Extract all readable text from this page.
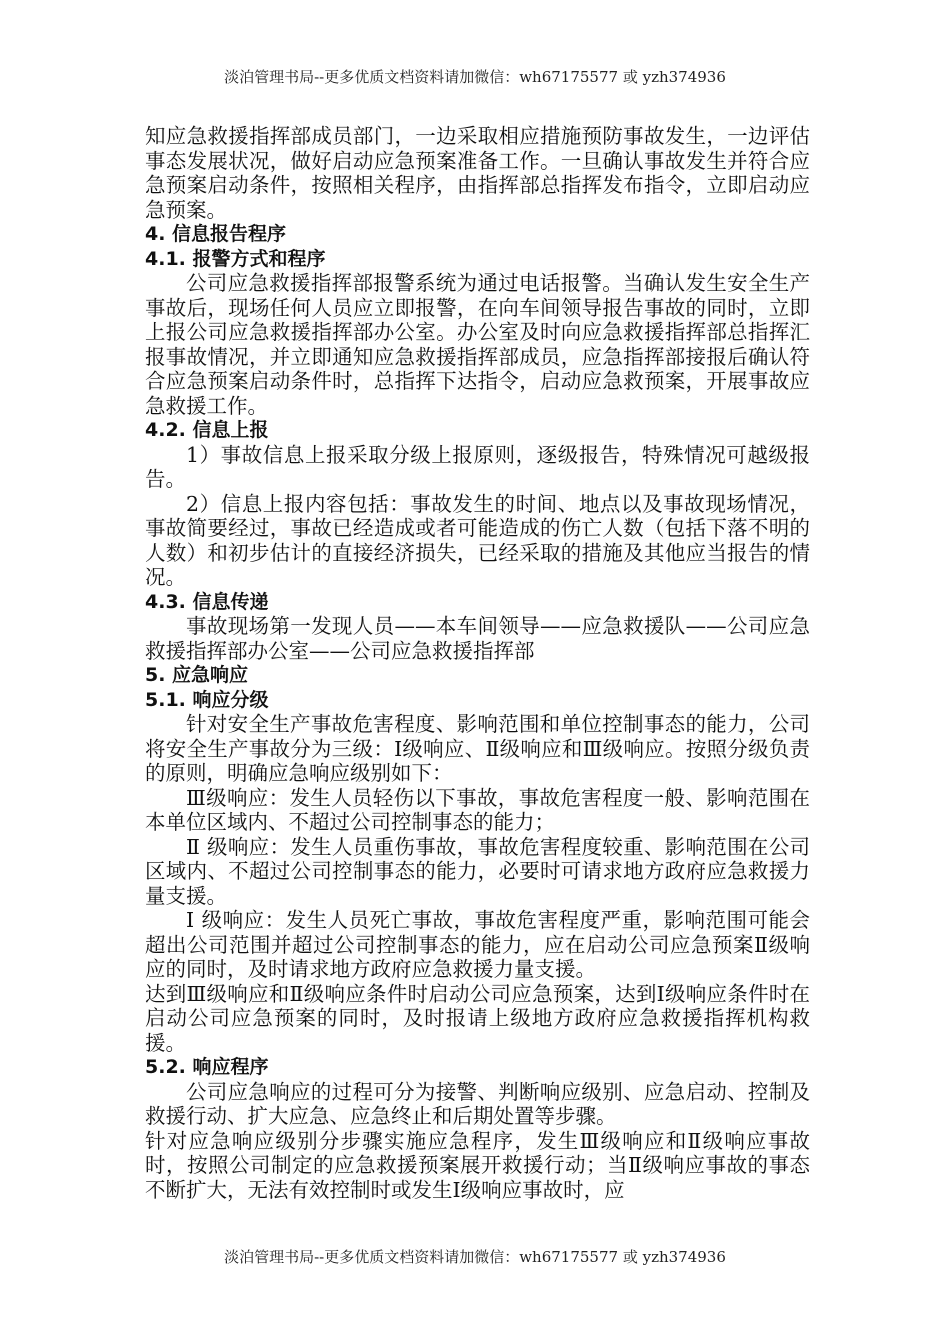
淡泊管理书局--更多优质文档资料请加微信：wh67175577 或 yzh374936

知应急救援指挥部成员部门，一边采取相应措施预防事故发生，一边评估事态发展状况，做好启动应急预案准备工作。一旦确认事故发生并符合应急预案启动条件，按照相关程序，由指挥部总指挥发布指令，立即启动应急预案。

4. 信息报告程序
4.1. 报警方式和程序

公司应急救援指挥部报警系统为通过电话报警。当确认发生安全生产事故后，现场任何人员应立即报警，在向车间领导报告事故的同时，立即上报公司应急救援指挥部办公室。办公室及时向应急救援指挥部总指挥汇报事故情况，并立即通知应急救援指挥部成员，应急指挥部接报后确认符合应急预案启动条件时，总指挥下达指令，启动应急救预案，开展事故应急救援工作。

4.2. 信息上报

1）事故信息上报采取分级上报原则，逐级报告，特殊情况可越级报告。

2）信息上报内容包括：事故发生的时间、地点以及事故现场情况，事故简要经过，事故已经造成或者可能造成的伤亡人数（包括下落不明的人数）和初步估计的直接经济损失，已经采取的措施及其他应当报告的情况。

4.3. 信息传递

事故现场第一发现人员——本车间领导——应急救援队——公司应急救援指挥部办公室——公司应急救援指挥部

5. 应急响应
5.1. 响应分级

针对安全生产事故危害程度、影响范围和单位控制事态的能力，公司将安全生产事故分为三级：Ⅰ级响应、Ⅱ级响应和Ⅲ级响应。按照分级负责的原则，明确应急响应级别如下：

Ⅲ级响应：发生人员轻伤以下事故，事故危害程度一般、影响范围在本单位区域内、不超过公司控制事态的能力；

Ⅱ 级响应：发生人员重伤事故，事故危害程度较重、影响范围在公司区域内、不超过公司控制事态的能力，必要时可请求地方政府应急救援力量支援。

Ⅰ 级响应：发生人员死亡事故，事故危害程度严重，影响范围可能会超出公司范围并超过公司控制事态的能力，应在启动公司应急预案Ⅱ级响应的同时，及时请求地方政府应急救援力量支援。

达到Ⅲ级响应和Ⅱ级响应条件时启动公司应急预案，达到Ⅰ级响应条件时在启动公司应急预案的同时，及时报请上级地方政府应急救援指挥机构救援。

5.2. 响应程序

公司应急响应的过程可分为接警、判断响应级别、应急启动、控制及救援行动、扩大应急、应急终止和后期处置等步骤。

针对应急响应级别分步骤实施应急程序，发生Ⅲ级响应和Ⅱ级响应事故时，按照公司制定的应急救援预案展开救援行动；当Ⅱ级响应事故的事态不断扩大，无法有效控制时或发生Ⅰ级响应事故时，应

淡泊管理书局--更多优质文档资料请加微信：wh67175577 或 yzh374936
